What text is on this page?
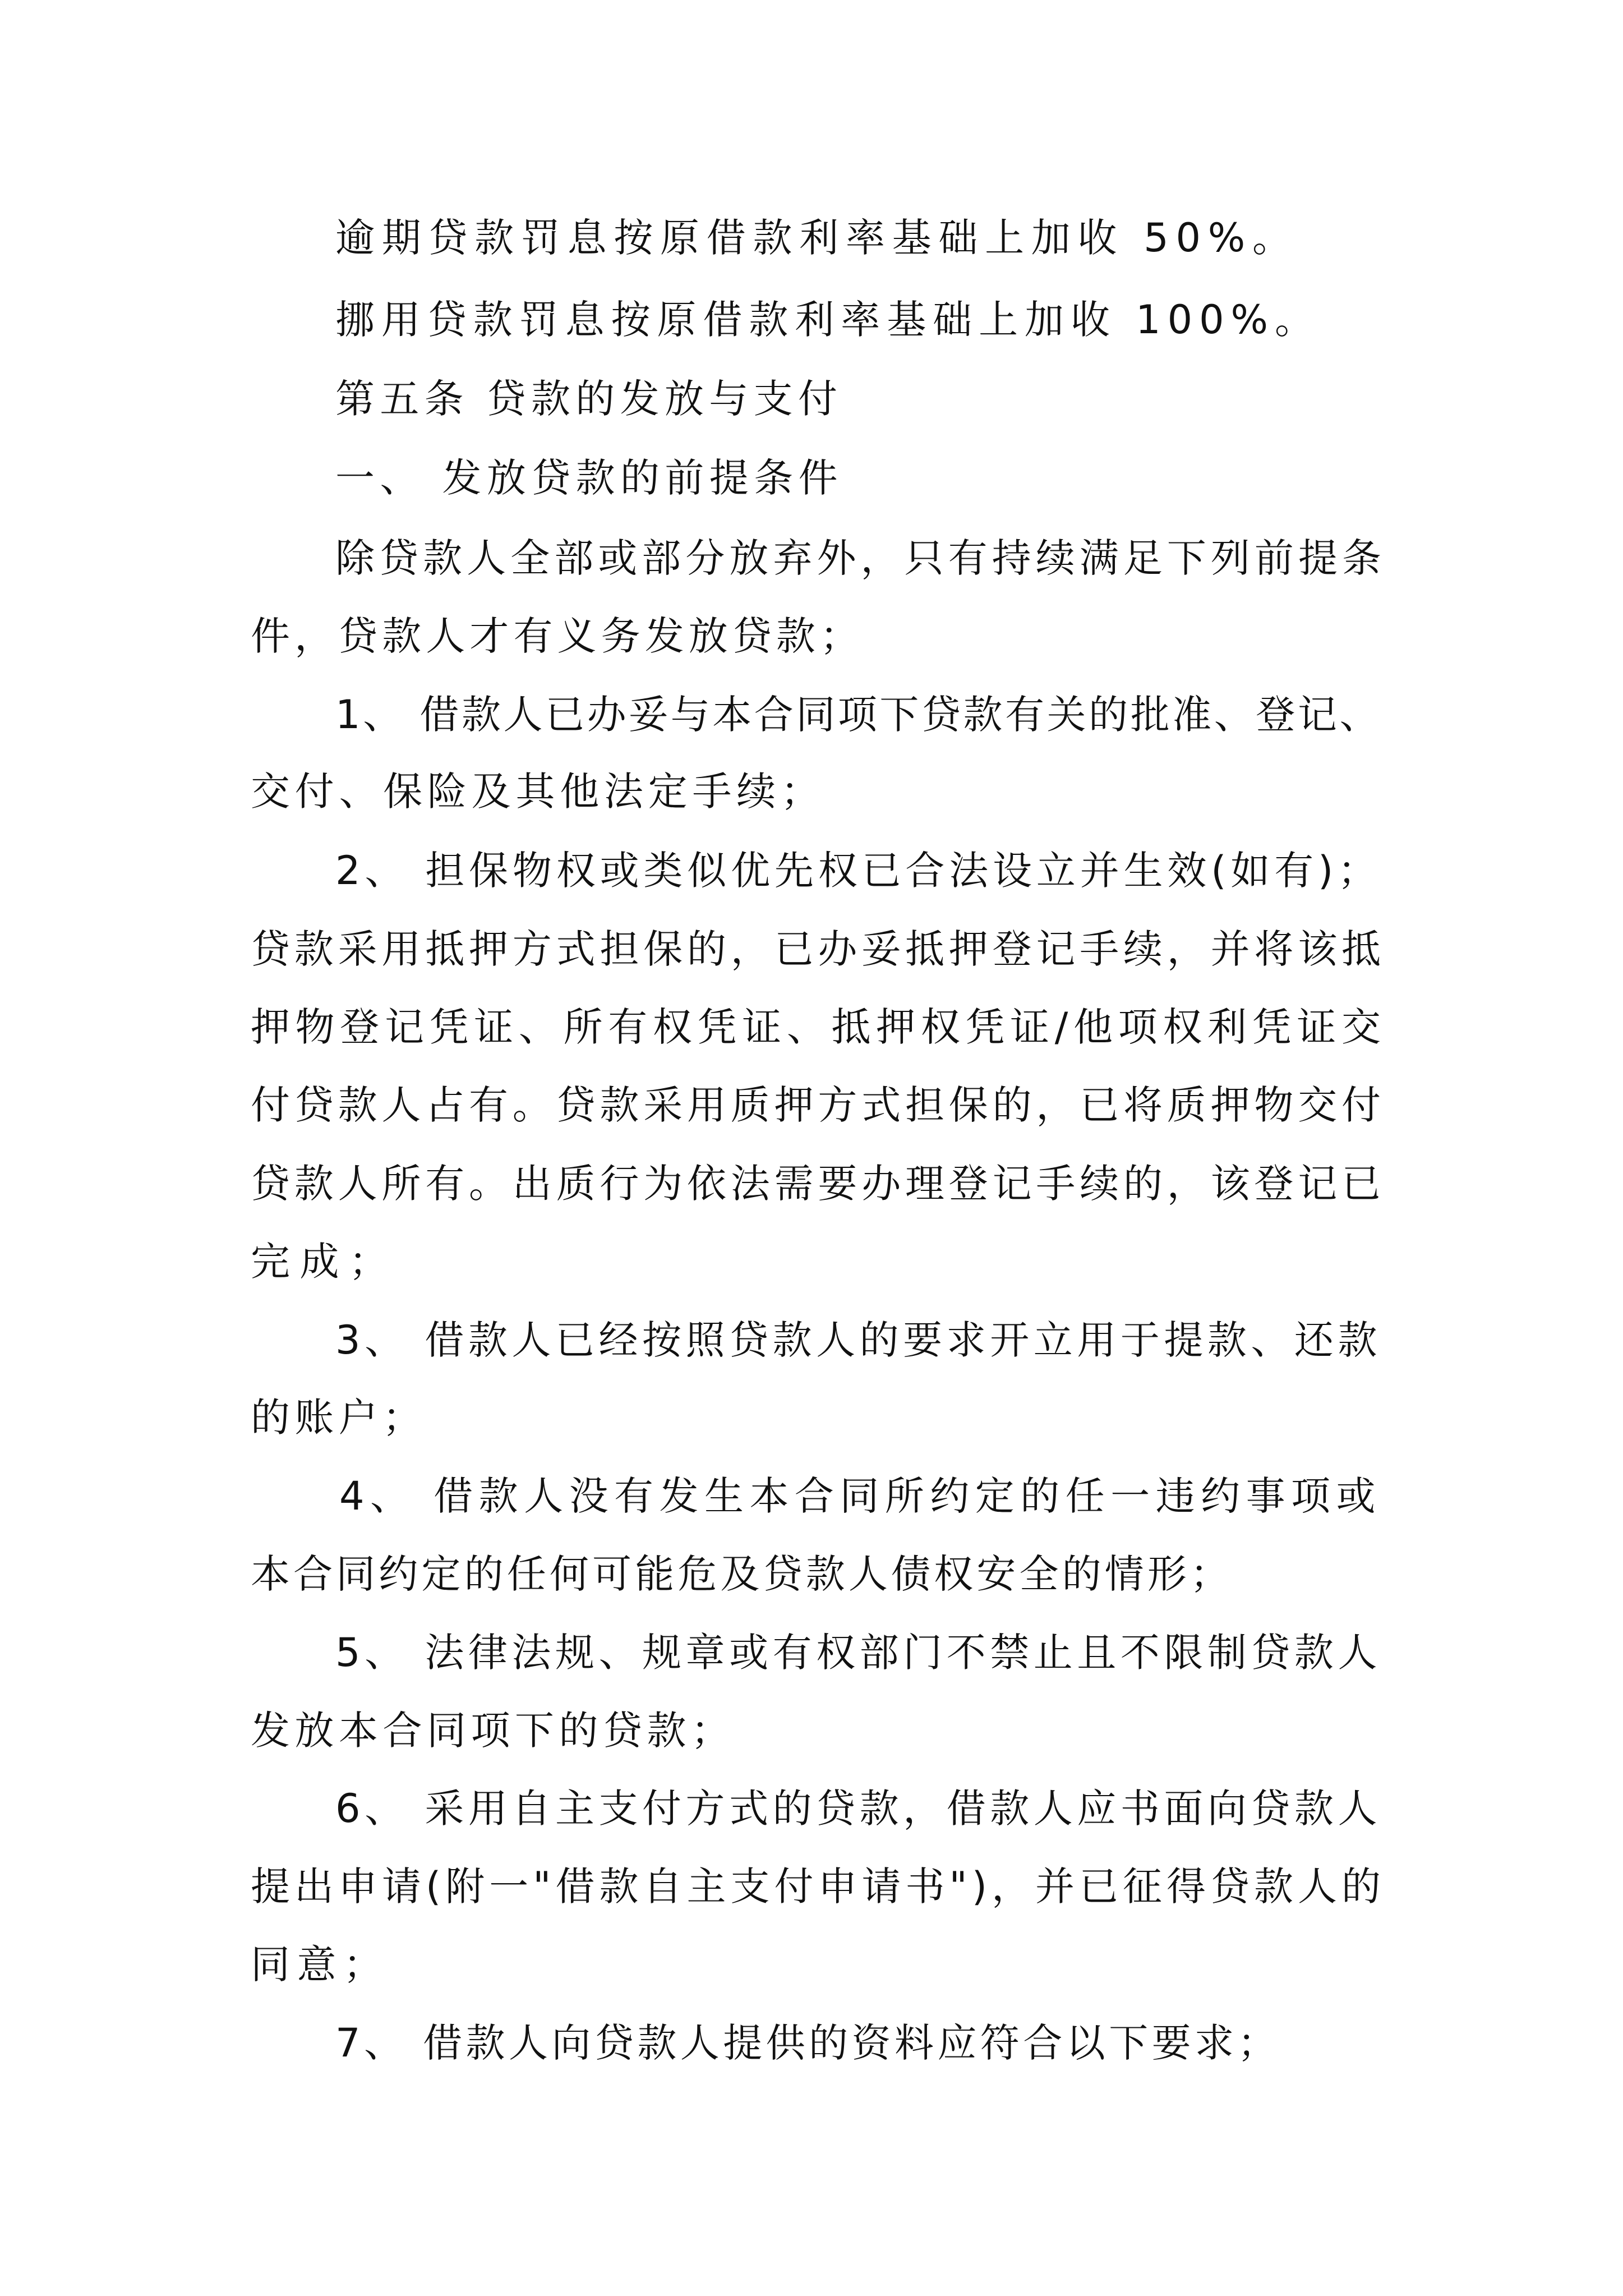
逾期贷款罚息按原借款利率基础上加收 50%。
挪用贷款罚息按原借款利率基础上加收 100%。
第五条 贷款的发放与支付
一、 发放贷款的前提条件
除贷款人全部或部分放弃外，只有持续满足下列前提条
件，贷款人才有义务发放贷款；
1、 借款人已办妥与本合同项下贷款有关的批准、登记、
交付、保险及其他法定手续；
2、 担保物权或类似优先权已合法设立并生效(如有)；
贷款采用抵押方式担保的，已办妥抵押登记手续，并将该抵
押物登记凭证、所有权凭证、抵押权凭证/他项权利凭证交
付贷款人占有。贷款采用质押方式担保的，已将质押物交付
贷款人所有。出质行为依法需要办理登记手续的，该登记已
完成；
3、 借款人已经按照贷款人的要求开立用于提款、还款
的账户；
4、 借款人没有发生本合同所约定的任一违约事项或
本合同约定的任何可能危及贷款人债权安全的情形；
5、 法律法规、规章或有权部门不禁止且不限制贷款人
发放本合同项下的贷款；
6、 采用自主支付方式的贷款，借款人应书面向贷款人
提出申请(附一"借款自主支付申请书")，并已征得贷款人的
同意；
7、 借款人向贷款人提供的资料应符合以下要求；
